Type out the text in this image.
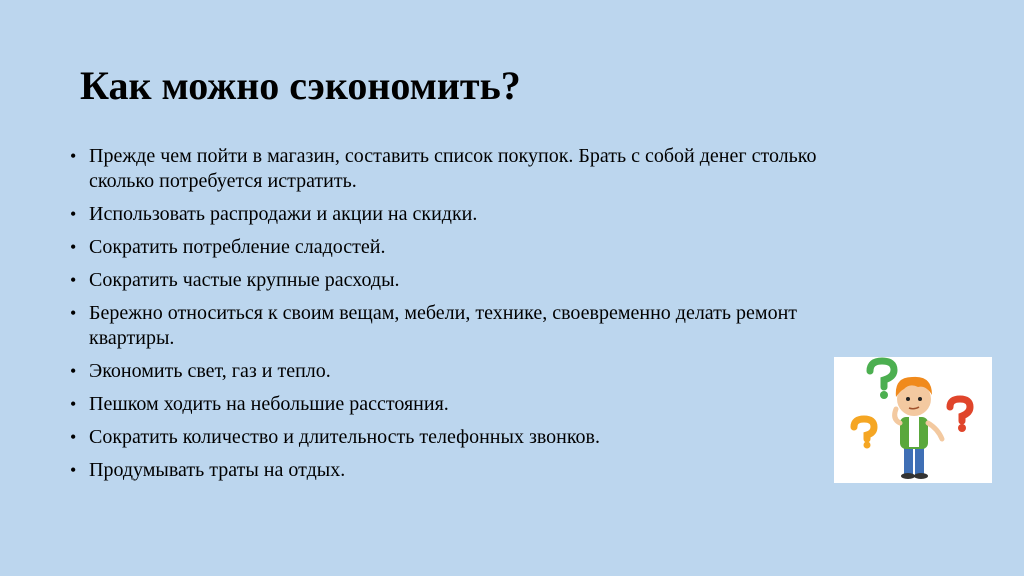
Как можно сэкономить?
• Прежде чем пойти в магазин, составить список покупок. Брать с собой денег столько сколько потребуется истратить.
• Использовать распродажи и акции на скидки.
• Сократить потребление сладостей.
• Сократить частые крупные расходы.
• Бережно относиться к своим вещам, мебели, технике, своевременно делать ремонт квартиры.
• Экономить свет, газ и тепло.
• Пешком ходить на небольшие расстояния.
• Сократить количество и длительность телефонных звонков.
• Продумывать траты на отдых.
